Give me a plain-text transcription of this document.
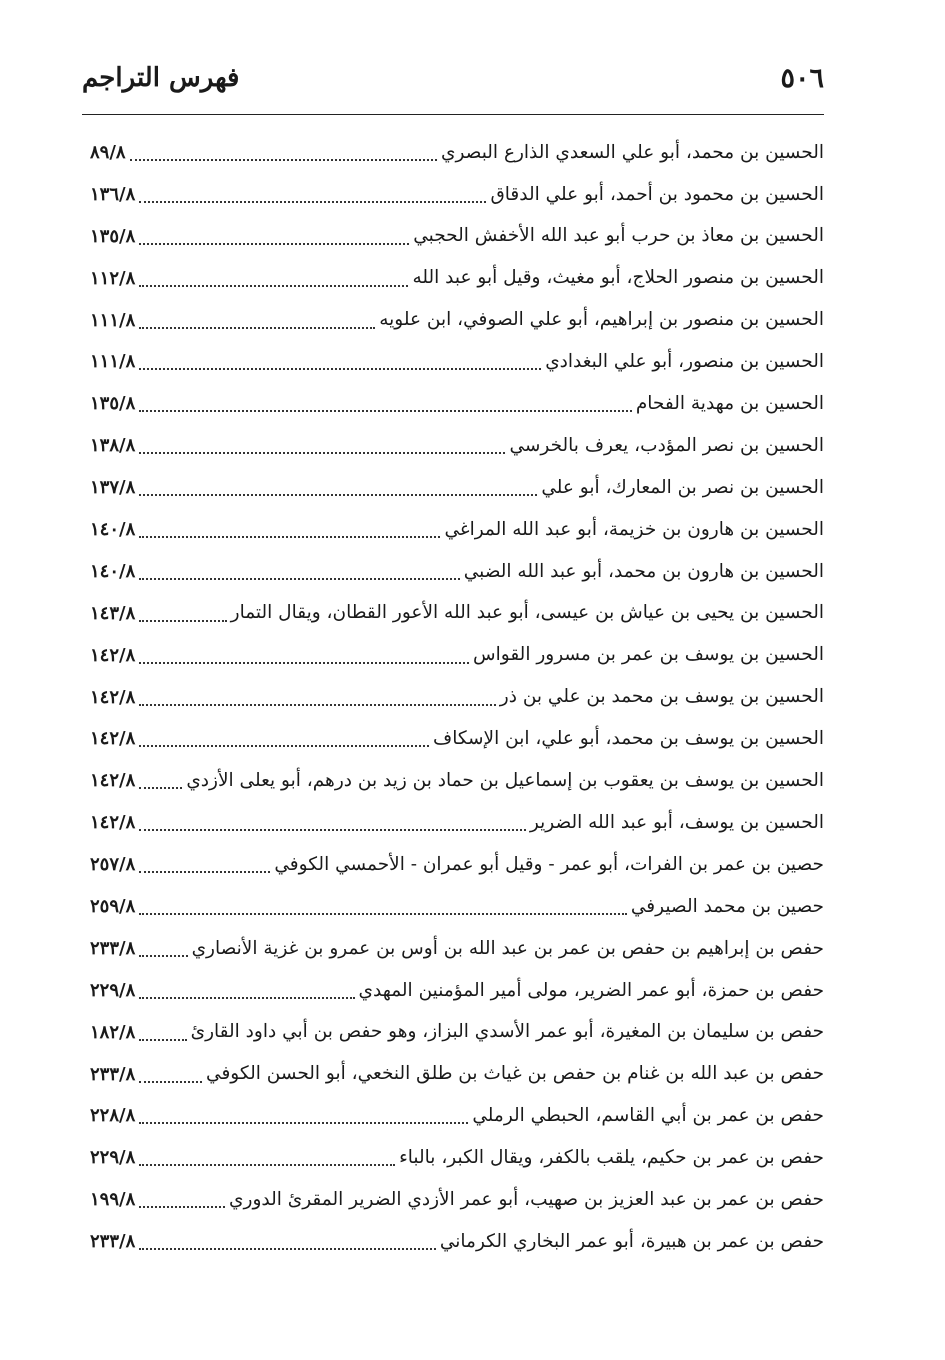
٥٠٦
فهرس التراجم
الحسين بن محمد، أبو علي السعدي الذارع البصري
٨٩/٨
الحسين بن محمود بن أحمد، أبو علي الدقاق
١٣٦/٨
الحسين بن معاذ بن حرب أبو عبد الله الأخفش الحجبي
١٣٥/٨
الحسين بن منصور الحلاج، أبو مغيث، وقيل أبو عبد الله
١١٢/٨
الحسين بن منصور بن إبراهيم، أبو علي الصوفي، ابن علويه
١١١/٨
الحسين بن منصور، أبو علي البغدادي
١١١/٨
الحسين بن مهدية الفحام
١٣٥/٨
الحسين بن نصر المؤدب، يعرف بالخرسي
١٣٨/٨
الحسين بن نصر بن المعارك، أبو علي
١٣٧/٨
الحسين بن هارون بن خزيمة، أبو عبد الله المراغي
١٤٠/٨
الحسين بن هارون بن محمد، أبو عبد الله الضبي
١٤٠/٨
الحسين بن يحيى بن عياش بن عيسى، أبو عبد الله الأعور القطان، ويقال التمار
١٤٣/٨
الحسين بن يوسف بن عمر بن مسرور القواس
١٤٢/٨
الحسين بن يوسف بن محمد بن علي بن ذر
١٤٢/٨
الحسين بن يوسف بن محمد، أبو علي، ابن الإسكاف
١٤٢/٨
الحسين بن يوسف بن يعقوب بن إسماعيل بن حماد بن زيد بن درهم، أبو يعلى الأزدي
١٤٢/٨
الحسين بن يوسف، أبو عبد الله الضرير
١٤٢/٨
حصين بن عمر بن الفرات، أبو عمر - وقيل أبو عمران - الأحمسي الكوفي
٢٥٧/٨
حصين بن محمد الصيرفي
٢٥٩/٨
حفص بن إبراهيم بن حفص بن عمر بن عبد الله بن أوس بن عمرو بن غزية الأنصاري
٢٣٣/٨
حفص بن حمزة، أبو عمر الضرير، مولى أمير المؤمنين المهدي
٢٢٩/٨
حفص بن سليمان بن المغيرة، أبو عمر الأسدي البزاز، وهو حفص بن أبي داود القارئ
١٨٢/٨
حفص بن عبد الله بن غنام بن حفص بن غياث بن طلق النخعي، أبو الحسن الكوفي
٢٣٣/٨
حفص بن عمر بن أبي القاسم، الحبطي الرملي
٢٢٨/٨
حفص بن عمر بن حكيم، يلقب بالكفر، ويقال الكبر، بالباء
٢٢٩/٨
حفص بن عمر بن عبد العزيز بن صهيب، أبو عمر الأزدي الضرير المقرئ الدوري
١٩٩/٨
حفص بن عمر بن هبيرة، أبو عمر البخاري الكرماني
٢٣٣/٨
